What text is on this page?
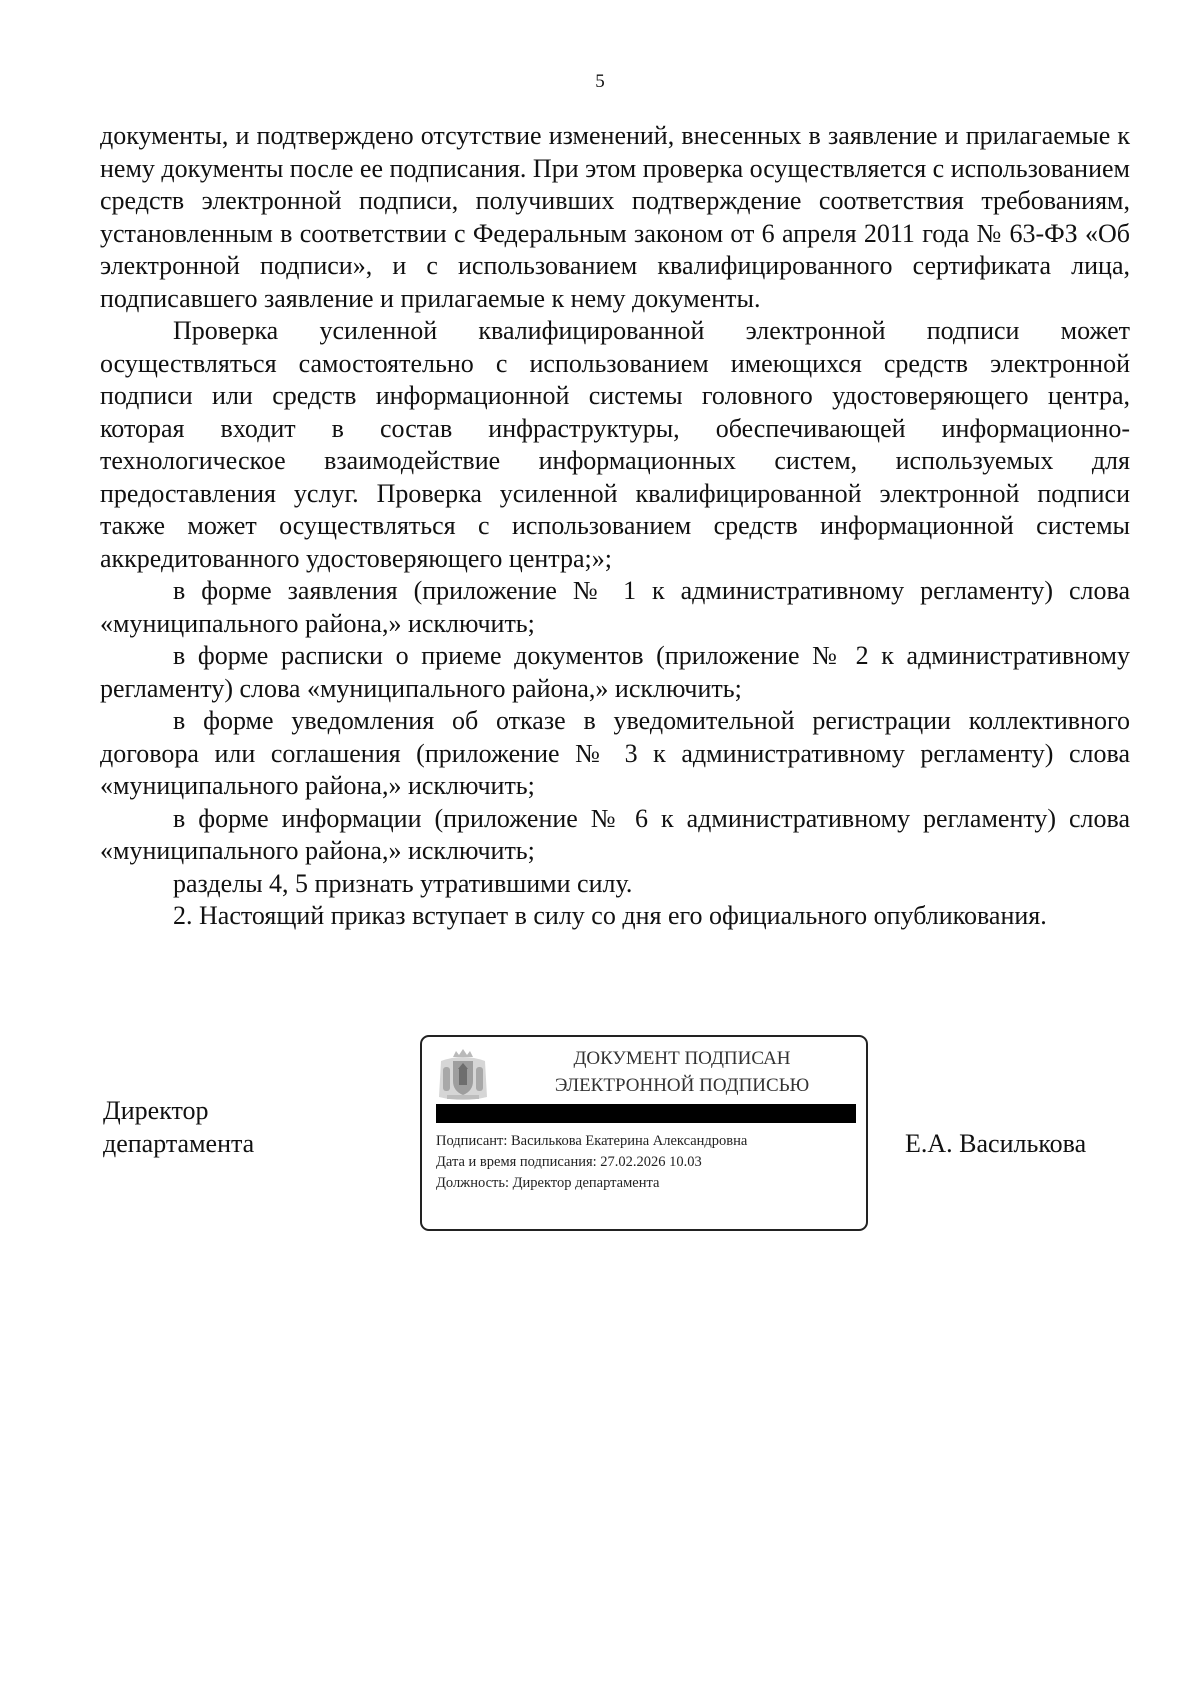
5

документы, и подтверждено отсутствие изменений, внесенных в заявление и прилагаемые к нему документы после ее подписания. При этом проверка осуществляется с использованием средств электронной подписи, получивших подтверждение соответствия требованиям, установленным в соответствии с Федеральным законом от 6 апреля 2011 года № 63-ФЗ «Об электронной подписи», и с использованием квалифицированного сертификата лица, подписавшего заявление и прилагаемые к нему документы.

Проверка усиленной квалифицированной электронной подписи может осуществляться самостоятельно с использованием имеющихся средств электронной подписи или средств информационной системы головного удостоверяющего центра, которая входит в состав инфраструктуры, обеспечивающей информационно-технологическое взаимодействие информационных систем, используемых для предоставления услуг. Проверка усиленной квалифицированной электронной подписи также может осуществляться с использованием средств информационной системы аккредитованного удостоверяющего центра;»;

в форме заявления (приложение № 1 к административному регламенту) слова «муниципального района,» исключить;

в форме расписки о приеме документов (приложение № 2 к административному регламенту) слова «муниципального района,» исключить;

в форме уведомления об отказе в уведомительной регистрации коллективного договора или соглашения (приложение № 3 к административному регламенту) слова «муниципального района,» исключить;

в форме информации (приложение № 6 к административному регламенту) слова «муниципального района,» исключить;

разделы 4, 5 признать утратившими силу.

2. Настоящий приказ вступает в силу со дня его официального опубликования.

Директор
департамента
ДОКУМЕНТ ПОДПИСАН
ЭЛЕКТРОННОЙ ПОДПИСЬЮ
Подписант: Василькова Екатерина Александровна
Дата и время подписания: 27.02.2026 10.03
Должность: Директор департамента
Е.А. Василькова
